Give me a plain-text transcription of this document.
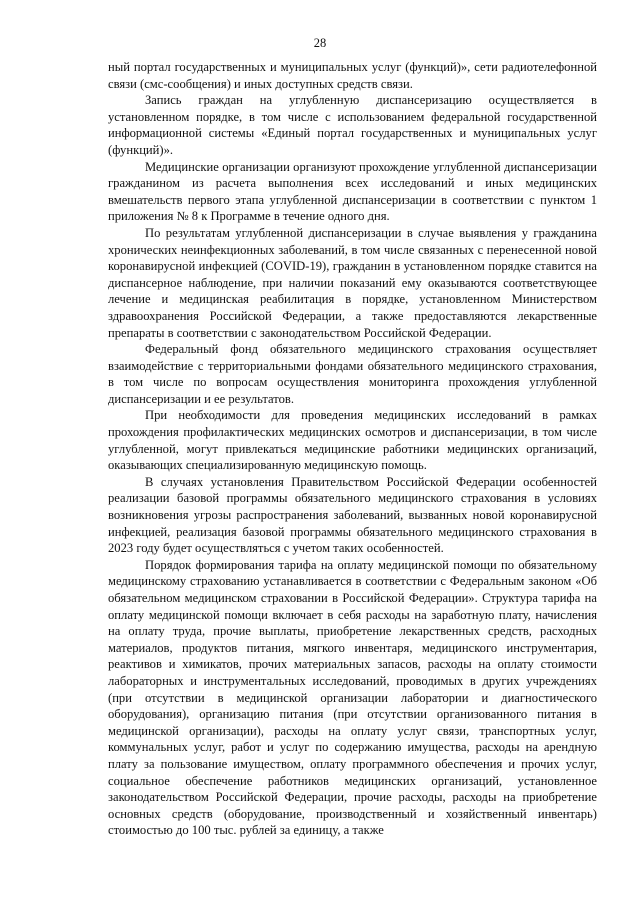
28

ный портал государственных и муниципальных услуг (функций)», сети радиотелефонной связи (смс-сообщения) и иных доступных средств связи.

Запись граждан на углубленную диспансеризацию осуществляется в установленном порядке, в том числе с использованием федеральной государственной информационной системы «Единый портал государственных и муниципальных услуг (функций)».

Медицинские организации организуют прохождение углубленной диспансеризации гражданином из расчета выполнения всех исследований и иных медицинских вмешательств первого этапа углубленной диспансеризации в соответствии с пунктом 1 приложения № 8 к Программе в течение одного дня.

По результатам углубленной диспансеризации в случае выявления у гражданина хронических неинфекционных заболеваний, в том числе связанных с перенесенной новой коронавирусной инфекцией (COVID-19), гражданин в установленном порядке ставится на диспансерное наблюдение, при наличии показаний ему оказываются соответствующее лечение и медицинская реабилитация в порядке, установленном Министерством здравоохранения Российской Федерации, а также предоставляются лекарственные препараты в соответствии с законодательством Российской Федерации.

Федеральный фонд обязательного медицинского страхования осуществляет взаимодействие с территориальными фондами обязательного медицинского страхования, в том числе по вопросам осуществления мониторинга прохождения углубленной диспансеризации и ее результатов.

При необходимости для проведения медицинских исследований в рамках прохождения профилактических медицинских осмотров и диспансеризации, в том числе углубленной, могут привлекаться медицинские работники медицинских организаций, оказывающих специализированную медицинскую помощь.

В случаях установления Правительством Российской Федерации особенностей реализации базовой программы обязательного медицинского страхования в условиях возникновения угрозы распространения заболеваний, вызванных новой коронавирусной инфекцией, реализация базовой программы обязательного медицинского страхования в 2023 году будет осуществляться с учетом таких особенностей.

Порядок формирования тарифа на оплату медицинской помощи по обязательному медицинскому страхованию устанавливается в соответствии с Федеральным законом «Об обязательном медицинском страховании в Российской Федерации». Структура тарифа на оплату медицинской помощи включает в себя расходы на заработную плату, начисления на оплату труда, прочие выплаты, приобретение лекарственных средств, расходных материалов, продуктов питания, мягкого инвентаря, медицинского инструментария, реактивов и химикатов, прочих материальных запасов, расходы на оплату стоимости лабораторных и инструментальных исследований, проводимых в других учреждениях (при отсутствии в медицинской организации лаборатории и диагностического оборудования), организацию питания (при отсутствии организованного питания в медицинской организации), расходы на оплату услуг связи, транспортных услуг, коммунальных услуг, работ и услуг по содержанию имущества, расходы на арендную плату за пользование имуществом, оплату программного обеспечения и прочих услуг, социальное обеспечение работников медицинских организаций, установленное законодательством Российской Федерации, прочие расходы, расходы на приобретение основных средств (оборудование, производственный и хозяйственный инвентарь) стоимостью до 100 тыс. рублей за единицу, а также
